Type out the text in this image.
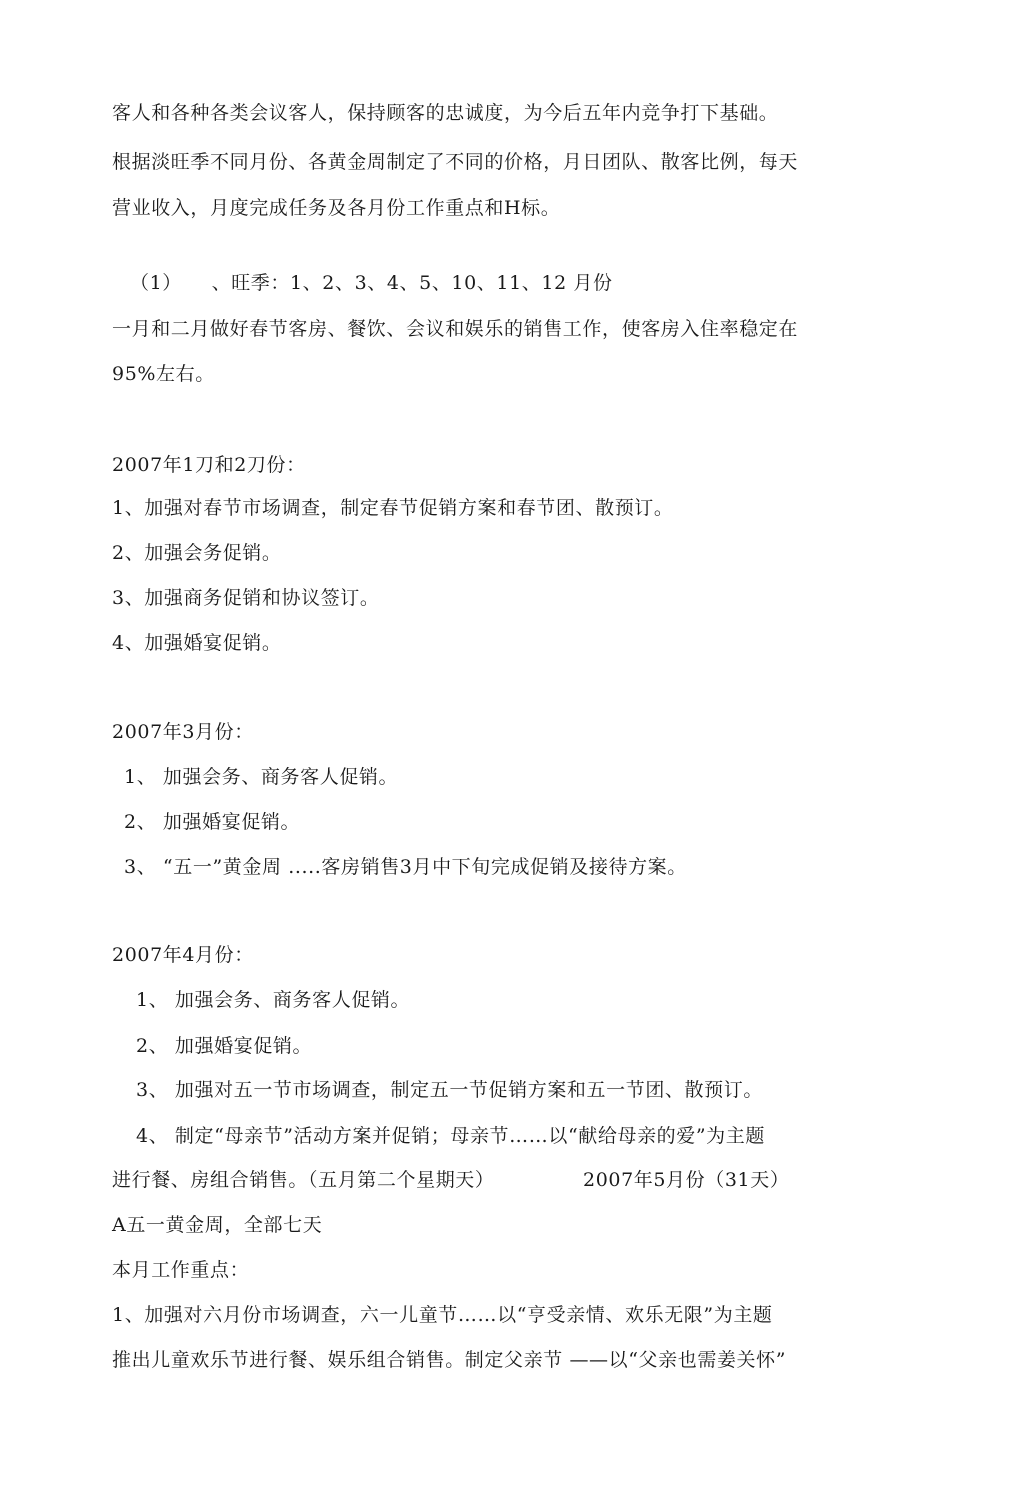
客人和各种各类会议客人，保持顾客的忠诚度，为今后五年内竞争打下基础。

根据淡旺季不同月份、各黄金周制定了不同的价格，月日团队、散客比例，每天

营业收入，月度完成任务及各月份工作重点和H标。

（1）　　、旺季：1、2、3、4、5、10、11、12 月份

一月和二月做好春节客房、餐饮、会议和娱乐的销售工作，使客房入住率稳定在

95%左右。

2007年1刀和2刀份：

1、加强对春节市场调查，制定春节促销方案和春节团、散预订。

2、加强会务促销。

3、加强商务促销和协议签订。

4、加强婚宴促销。

2007年3月份：

1、 加强会务、商务客人促销。

2、 加强婚宴促销。

3、 “五一”黄金周 .....客房销售3月中下旬完成促销及接待方案。

2007年4月份：

1、 加强会务、商务客人促销。

2、 加强婚宴促销。

3、 加强对五一节市场调查，制定五一节促销方案和五一节团、散预订。

4、 制定“母亲节”活动方案并促销；母亲节……以“献给母亲的爱”为主题

进行餐、房组合销售。（五月第二个星期天）　　　　　2007年5月份（31天）

A五一黄金周，全部七天

本月工作重点：

1、加强对六月份市场调查，六一儿童节……以“亨受亲情、欢乐无限”为主题

推出儿童欢乐节进行餐、娱乐组合销售。制定父亲节 ——以“父亲也需姜关怀”
